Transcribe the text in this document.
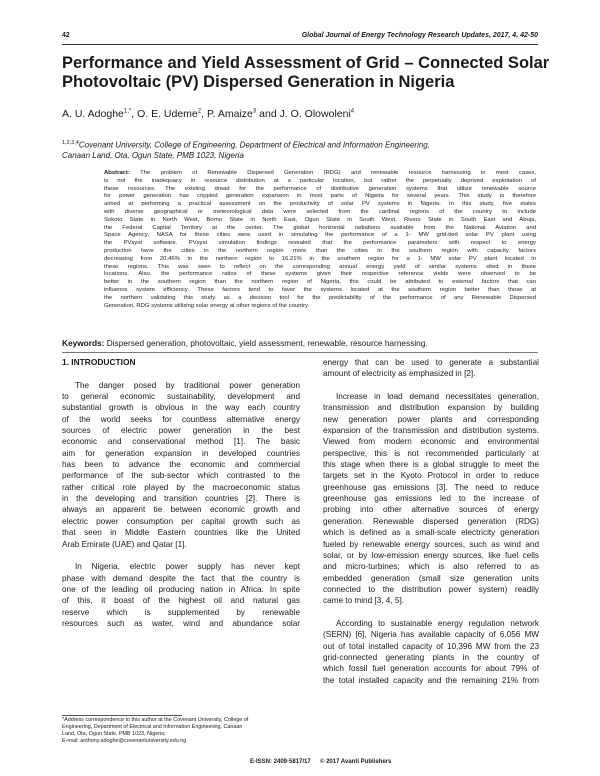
42	Global Journal of Energy Technology Research Updates, 2017, 4, 42-50
Performance and Yield Assessment of Grid – Connected Solar
Photovoltaic (PV) Dispersed Generation in Nigeria
A. U. Adoghe$^{1,*}$, O. E. Udeme$^2$, P. Amaize$^3$ and J. O. Olowoleni$^4$
$^{1,2,3,4}$Covenant University, College of Engineering, Department of Electrical and Information Engineering,
Canaan Land, Ota, Ogun State, PMB 1023, Nigeria
Abstract: The problem of Renewable Dispersed Generation (RDG) and renewable resource harnessing in most cases,
is not the inadequacy in resource distribution at a particular location, but rather the perpetually deprived exploitation of
these resources. The existing dread for the performance of distributive generation systems that utilize renewable source
for power generation has crippled generation expansion in most parts of Nigeria for several years. This study is therefore
aimed at performing a practical assessment on the productivity of solar PV systems in Nigeria. In this study, five states
with diverse geographical or meteorological data were selected from the cardinal regions of the country to include
Sokoto State in North West, Borno State in North East, Ogun State in South West, Rivers State in South East and Abuja,
the Federal Capital Territory at the center. The global horizontal radiations available from the National Aviation and
Space Agency, NASA for these cities were used in simulating the performance of a 1- MW grid-tied solar PV plant using
the PVsyst software. PVsyst simulation findings revealed that the performance parameters with respect to energy
production favor the cities in the northern region more than the cities in the southern region with capacity factors
decreasing from 20.46% in the northern region to 16.21% in the southern region for a 1- MW solar PV plant located in
these regions. This was seen to reflect on the corresponding annual energy yield of similar systems sited in these
locations. Also, the performance ratios of these systems given their respective reference yields were observed to be
better in the southern region than the northern region of Nigeria, this could be attributed to external factors that can
influence system efficiency. These factors tend to favor the systems located at the southern region better than those at
the northern validating this study as a decision tool for the predictability of the performance of any Renewable Dispersed
Generation, RDG systems utilizing solar energy at other regions of the country.
Keywords: Dispersed generation, photovoltaic, yield assessment, renewable, resource harnessing.
1. INTRODUCTION
The danger posed by traditional power generation
to general economic sustainability, development and
substantial growth is obvious in the way each country
of the world seeks for countless alternative energy
sources of electric power generation in the best
economic and conservational method [1]. The basic
aim for generation expansion in developed countries
has been to advance the economic and commercial
performance of the sub-sector which contrasted to the
rather critical role played by the macroeconomic status
in the developing and transition countries [2]. There is
always an apparent tie between economic growth and
electric power consumption per capital growth such as
that seen in Middle Eastern countries like the United
Arab Emirate (UAE) and Qatar [1].
In Nigeria, electric power supply has never kept
phase with demand despite the fact that the country is
one of the leading oil producing nation in Africa. In spite
of this, it boast of the highest oil and natural gas
reserve which is supplemented by renewable
resources such as water, wind and abundance solar
energy that can be used to generate a substantial
amount of electricity as emphasized in [2].
Increase in load demand necessitates generation,
transmission and distribution expansion by building
new generation power plants and corresponding
expansion of the transmission and distribution systems.
Viewed from modern economic and environmental
perspective, this is not recommended particularly at
this stage when there is a global struggle to meet the
targets set in the Kyoto Protocol in order to reduce
greenhouse gas emissions [3]. The need to reduce
greenhouse gas emissions led to the increase of
probing into other alternative sources of energy
generation. Renewable dispersed generation (RDG)
which is defined as a small-scale electricity generation
fueled by renewable energy sources, such as wind and
solar, or by low-emission energy sources, like fuel cells
and micro-turbines; which is also referred to as
embedded generation (small size generation units
connected to the distribution power system) readily
came to mind [3, 4, 5].
According to sustainable energy regulation network
(SERN) [6], Nigeria has available capacity of 6,056 MW
out of total installed capacity of 10,396 MW from the 23
grid-connected generating plants in the country of
which fossil fuel generation accounts for about 79% of
the total installed capacity and the remaining 21% from
*Address correspondence to this author at the Covenant University, College of
Engineering, Department of Electrical and Information Engineering, Canaan
Land, Ota, Ogun State, PMB 1023, Nigeria;
E-mail: anthony.adoghe@covenantuniversity.edu.ng
E-ISSN: 2409-5817/17 © 2017 Avanti Publishers
